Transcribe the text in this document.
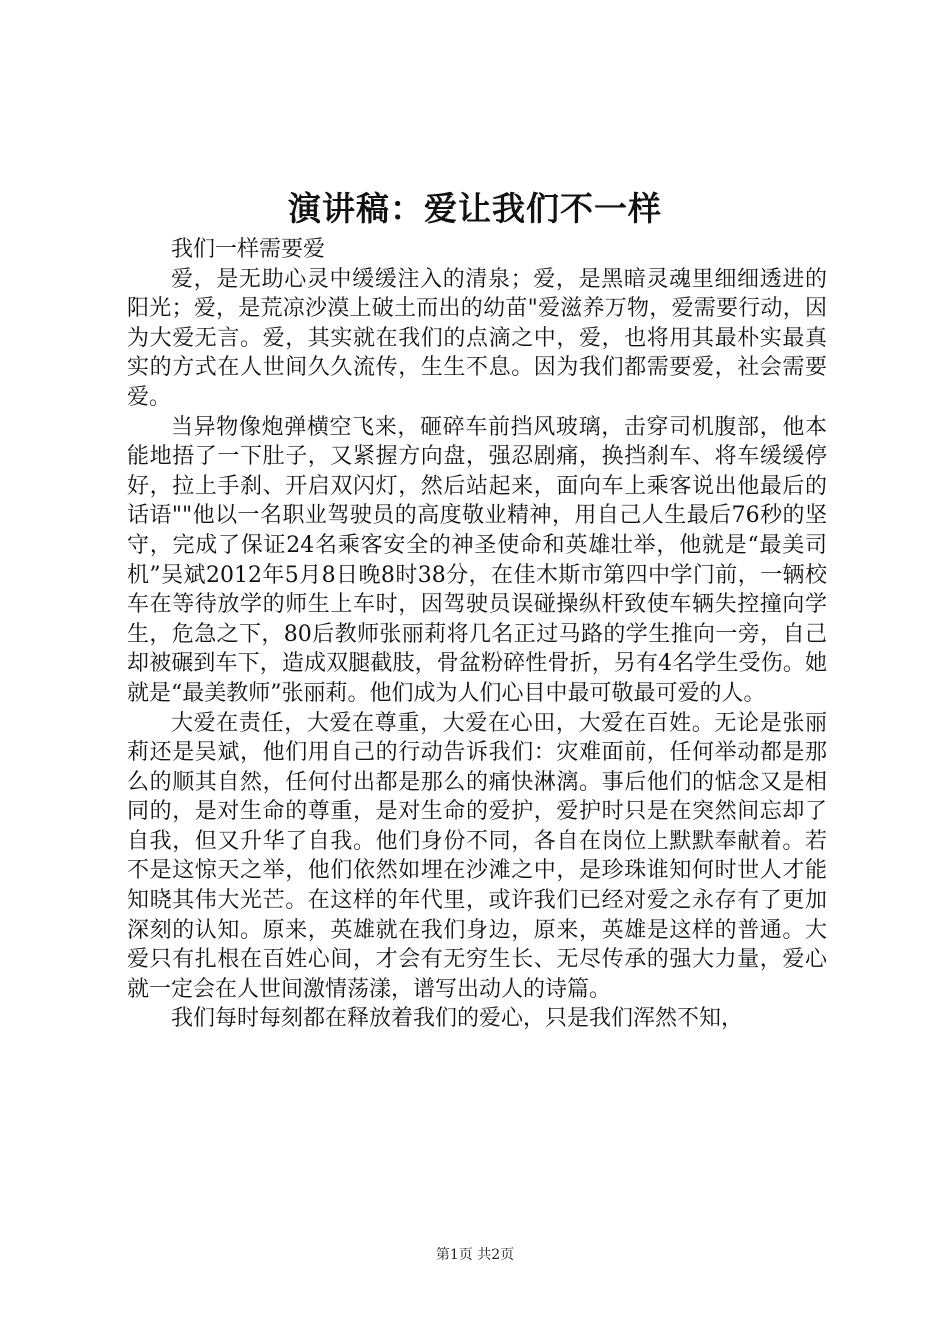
演讲稿：爱让我们不一样

我们一样需要爱

爱，是无助心灵中缓缓注入的清泉；爱，是黑暗灵魂里细细透进的阳光；爱，是荒凉沙漠上破土而出的幼苗"爱滋养万物，爱需要行动，因为大爱无言。爱，其实就在我们的点滴之中，爱，也将用其最朴实最真实的方式在人世间久久流传，生生不息。因为我们都需要爱，社会需要爱。

当异物像炮弹横空飞来，砸碎车前挡风玻璃，击穿司机腹部，他本能地捂了一下肚子，又紧握方向盘，强忍剧痛，换挡刹车、将车缓缓停好，拉上手刹、开启双闪灯，然后站起来，面向车上乘客说出他最后的话语""他以一名职业驾驶员的高度敬业精神，用自己人生最后76秒的坚守，完成了保证24名乘客安全的神圣使命和英雄壮举，他就是“最美司机”吴斌2012年5月8日晚8时38分，在佳木斯市第四中学门前，一辆校车在等待放学的师生上车时，因驾驶员误碰操纵杆致使车辆失控撞向学生，危急之下，80后教师张丽莉将几名正过马路的学生推向一旁，自己却被碾到车下，造成双腿截肢，骨盆粉碎性骨折，另有4名学生受伤。她就是“最美教师”张丽莉。他们成为人们心目中最可敬最可爱的人。

大爱在责任，大爱在尊重，大爱在心田，大爱在百姓。无论是张丽莉还是吴斌，他们用自己的行动告诉我们：灾难面前，任何举动都是那么的顺其自然，任何付出都是那么的痛快淋漓。事后他们的惦念又是相同的，是对生命的尊重，是对生命的爱护，爱护时只是在突然间忘却了自我，但又升华了自我。他们身份不同，各自在岗位上默默奉献着。若不是这惊天之举，他们依然如埋在沙滩之中，是珍珠谁知何时世人才能知晓其伟大光芒。在这样的年代里，或许我们已经对爱之永存有了更加深刻的认知。原来，英雄就在我们身边，原来，英雄是这样的普通。大爱只有扎根在百姓心间，才会有无穷生长、无尽传承的强大力量，爱心就一定会在人世间激情荡漾，谱写出动人的诗篇。

我们每时每刻都在释放着我们的爱心，只是我们浑然不知，

第1页 共2页
